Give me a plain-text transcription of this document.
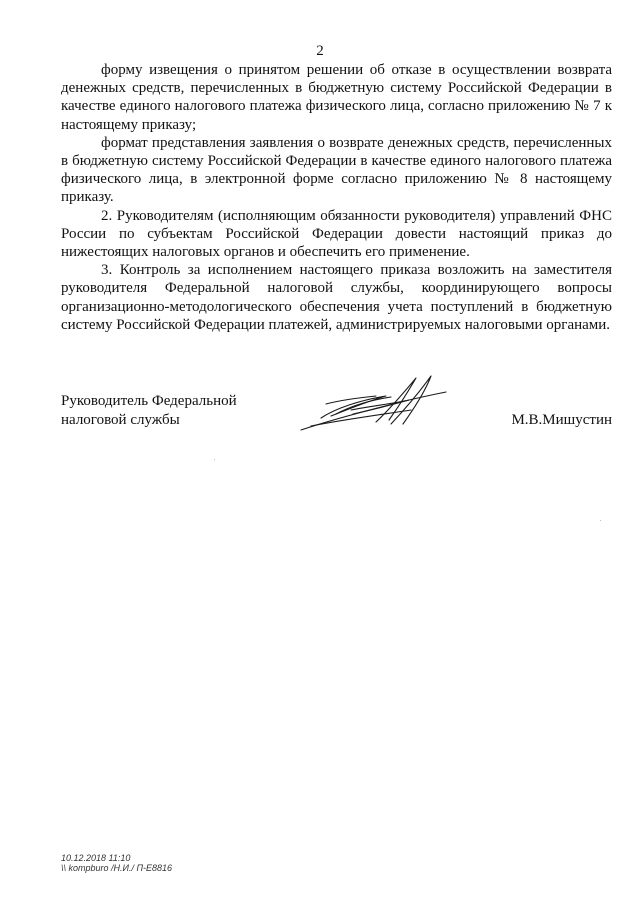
2

форму извещения о принятом решении об отказе в осуществлении возврата денежных средств, перечисленных в бюджетную систему Российской Федерации в качестве единого налогового платежа физического лица, согласно приложению № 7 к настоящему приказу;

формат представления заявления о возврате денежных средств, перечисленных в бюджетную систему Российской Федерации в качестве единого налогового платежа физического лица, в электронной форме согласно приложению № 8 настоящему приказу.

2. Руководителям (исполняющим обязанности руководителя) управлений ФНС России по субъектам Российской Федерации довести настоящий приказ до нижестоящих налоговых органов и обеспечить его применение.

3. Контроль за исполнением настоящего приказа возложить на заместителя руководителя Федеральной налоговой службы, координирующего вопросы организационно-методологического обеспечения учета поступлений в бюджетную систему Российской Федерации платежей, администрируемых налоговыми органами.

Руководитель Федеральной
налоговой службы	М.В.Мишустин
10.12.2018 11:10
\\ kompburo /Н.И./ П-Е8816
